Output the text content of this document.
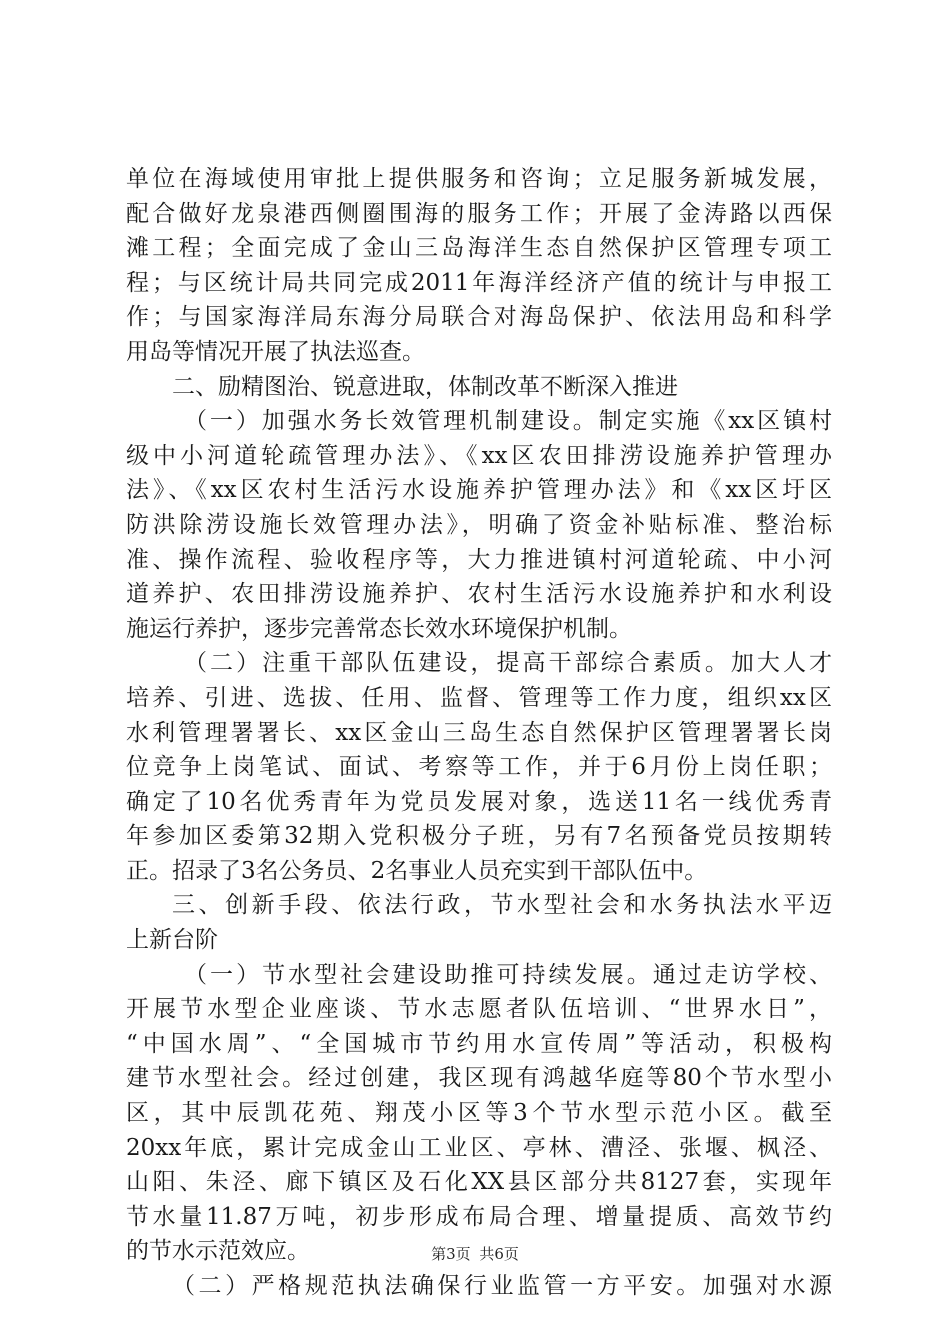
单位在海域使用审批上提供服务和咨询；立足服务新城发展，
配合做好龙泉港西侧圈围海的服务工作；开展了金涛路以西保
滩工程；全面完成了金山三岛海洋生态自然保护区管理专项工
程；与区统计局共同完成2011年海洋经济产值的统计与申报工
作；与国家海洋局东海分局联合对海岛保护、依法用岛和科学
用岛等情况开展了执法巡查。
二、励精图治、锐意进取，体制改革不断深入推进
（一）加强水务长效管理机制建设。制定实施《xx区镇村
级中小河道轮疏管理办法》、《xx区农田排涝设施养护管理办
法》、《xx区农村生活污水设施养护管理办法》和《xx区圩区
防洪除涝设施长效管理办法》，明确了资金补贴标准、整治标
准、操作流程、验收程序等，大力推进镇村河道轮疏、中小河
道养护、农田排涝设施养护、农村生活污水设施养护和水利设
施运行养护，逐步完善常态长效水环境保护机制。
（二）注重干部队伍建设，提高干部综合素质。加大人才
培养、引进、选拔、任用、监督、管理等工作力度，组织xx区
水利管理署署长、xx区金山三岛生态自然保护区管理署署长岗
位竞争上岗笔试、面试、考察等工作，并于6月份上岗任职；
确定了10名优秀青年为党员发展对象，选送11名一线优秀青
年参加区委第32期入党积极分子班，另有7名预备党员按期转
正。招录了3名公务员、2名事业人员充实到干部队伍中。
三、创新手段、依法行政，节水型社会和水务执法水平迈
上新台阶
（一）节水型社会建设助推可持续发展。通过走访学校、
开展节水型企业座谈、节水志愿者队伍培训、“世界水日”，
“中国水周”、“全国城市节约用水宣传周”等活动，积极构
建节水型社会。经过创建，我区现有鸿越华庭等80个节水型小
区，其中辰凯花苑、翔茂小区等3个节水型示范小区。截至
20xx年底，累计完成金山工业区、亭林、漕泾、张堰、枫泾、
山阳、朱泾、廊下镇区及石化XX县区部分共8127套，实现年
节水量11.87万吨，初步形成布局合理、增量提质、高效节约
的节水示范效应。
（二）严格规范执法确保行业监管一方平安。加强对水源
第3页 共6页
